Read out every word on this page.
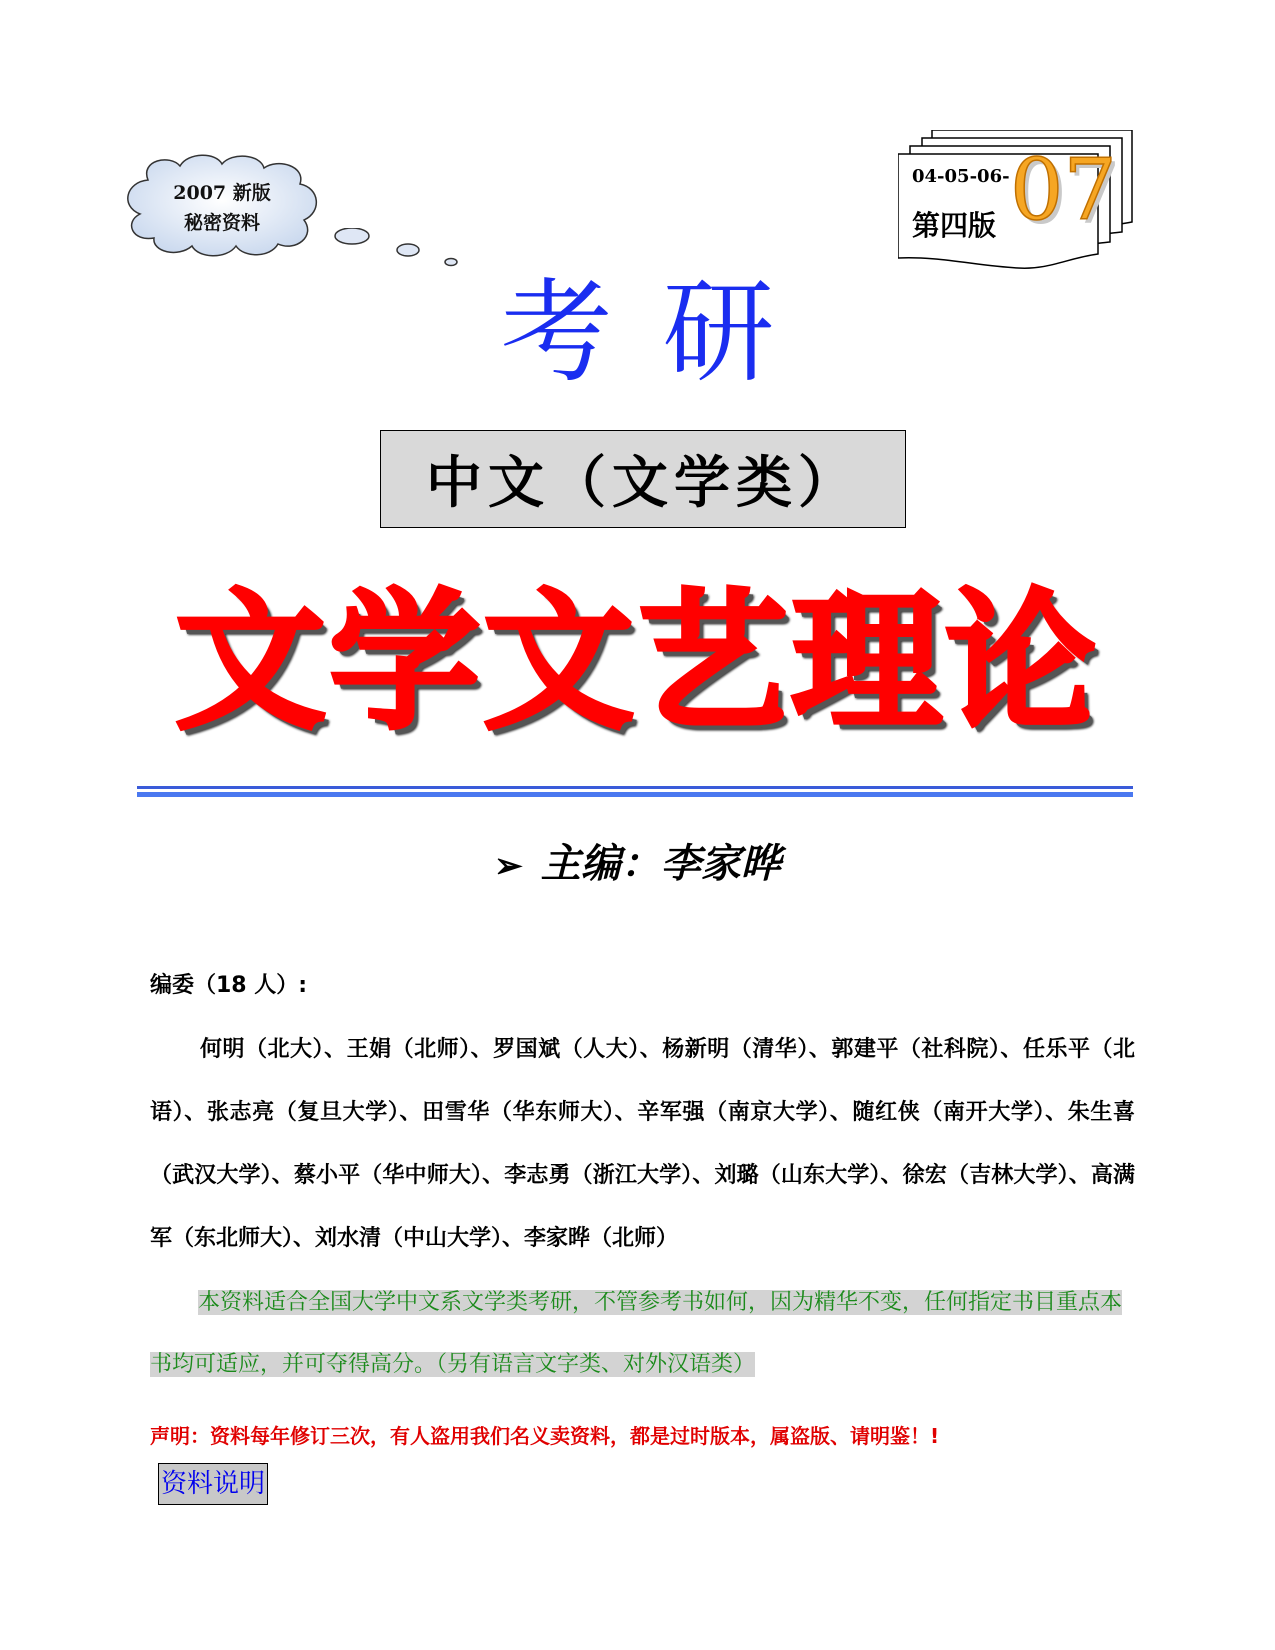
2007 新版
秘密资料
04-05-06-
第四版 07
考研
中文（文学类）
文学文艺理论
➢ 主编：李家晔
编委（18 人）:
何明（北大）、王娟（北师）、罗国斌（人大）、杨新明（清华）、郭建平（社科院）、任乐平（北语）、张志亮（复旦大学）、田雪华（华东师大）、辛军强（南京大学）、随红侠（南开大学）、朱生喜（武汉大学）、蔡小平（华中师大）、李志勇（浙江大学）、刘璐（山东大学）、徐宏（吉林大学）、高满军（东北师大）、刘水清（中山大学）、李家晔（北师）
本资料适合全国大学中文系文学类考研，不管参考书如何，因为精华不变，任何指定书目重点本书均可适应，并可夺得高分。（另有语言文字类、对外汉语类）
声明：资料每年修订三次，有人盗用我们名义卖资料，都是过时版本，属盗版、请明鉴！!
资料说明
